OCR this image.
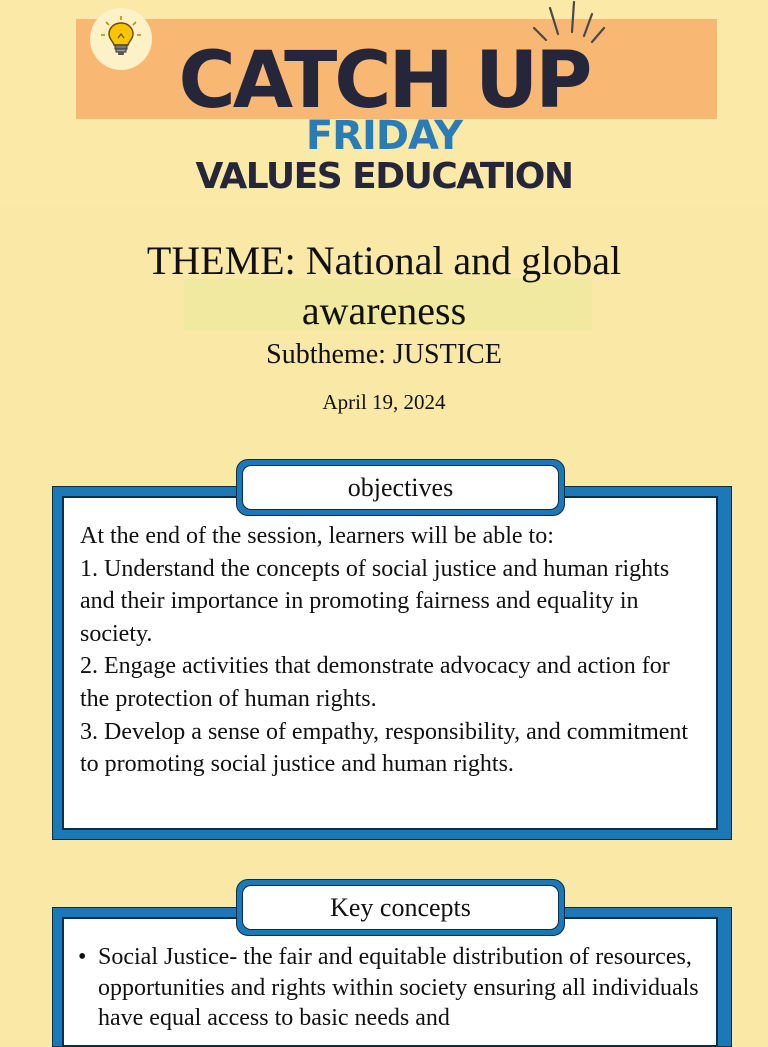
CATCH UP
FRIDAY
VALUES EDUCATION
THEME: National and global awareness
Subtheme: JUSTICE
April 19, 2024
objectives
At the end of the session, learners will be able to:
1. Understand the concepts of social justice and human rights and their importance in promoting fairness and equality in society.
2. Engage activities that demonstrate advocacy and action for the protection of human rights.
3. Develop a sense of empathy, responsibility, and commitment to promoting social justice and human rights.
Key concepts
• Social Justice- the fair and equitable distribution of resources, opportunities and rights within society ensuring all individuals have equal access to basic needs and
